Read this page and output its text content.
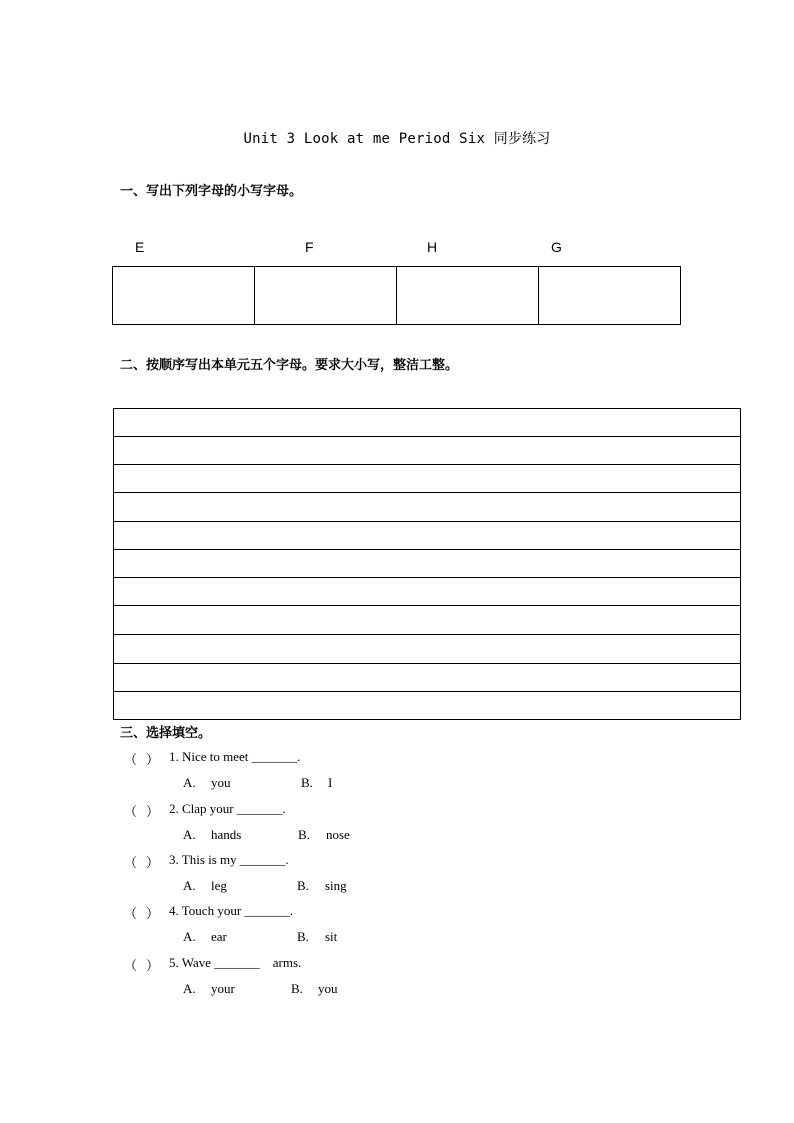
Unit 3 Look at me Period Six 同步练习
一、写出下列字母的小写字母。
E	F	H	G

二、按顺序写出本单元五个字母。要求大小写，整洁工整。
三、选择填空。
（ ） 1. Nice to meet _______.
A. you	B. I
（ ） 2. Clap your _______.
A. hands	B. nose
（ ） 3. This is my _______.
A. leg	B. sing
（ ） 4. Touch your _______.
A. ear	B. sit
（ ） 5. Wave _______    arms.
A. your	B. you
